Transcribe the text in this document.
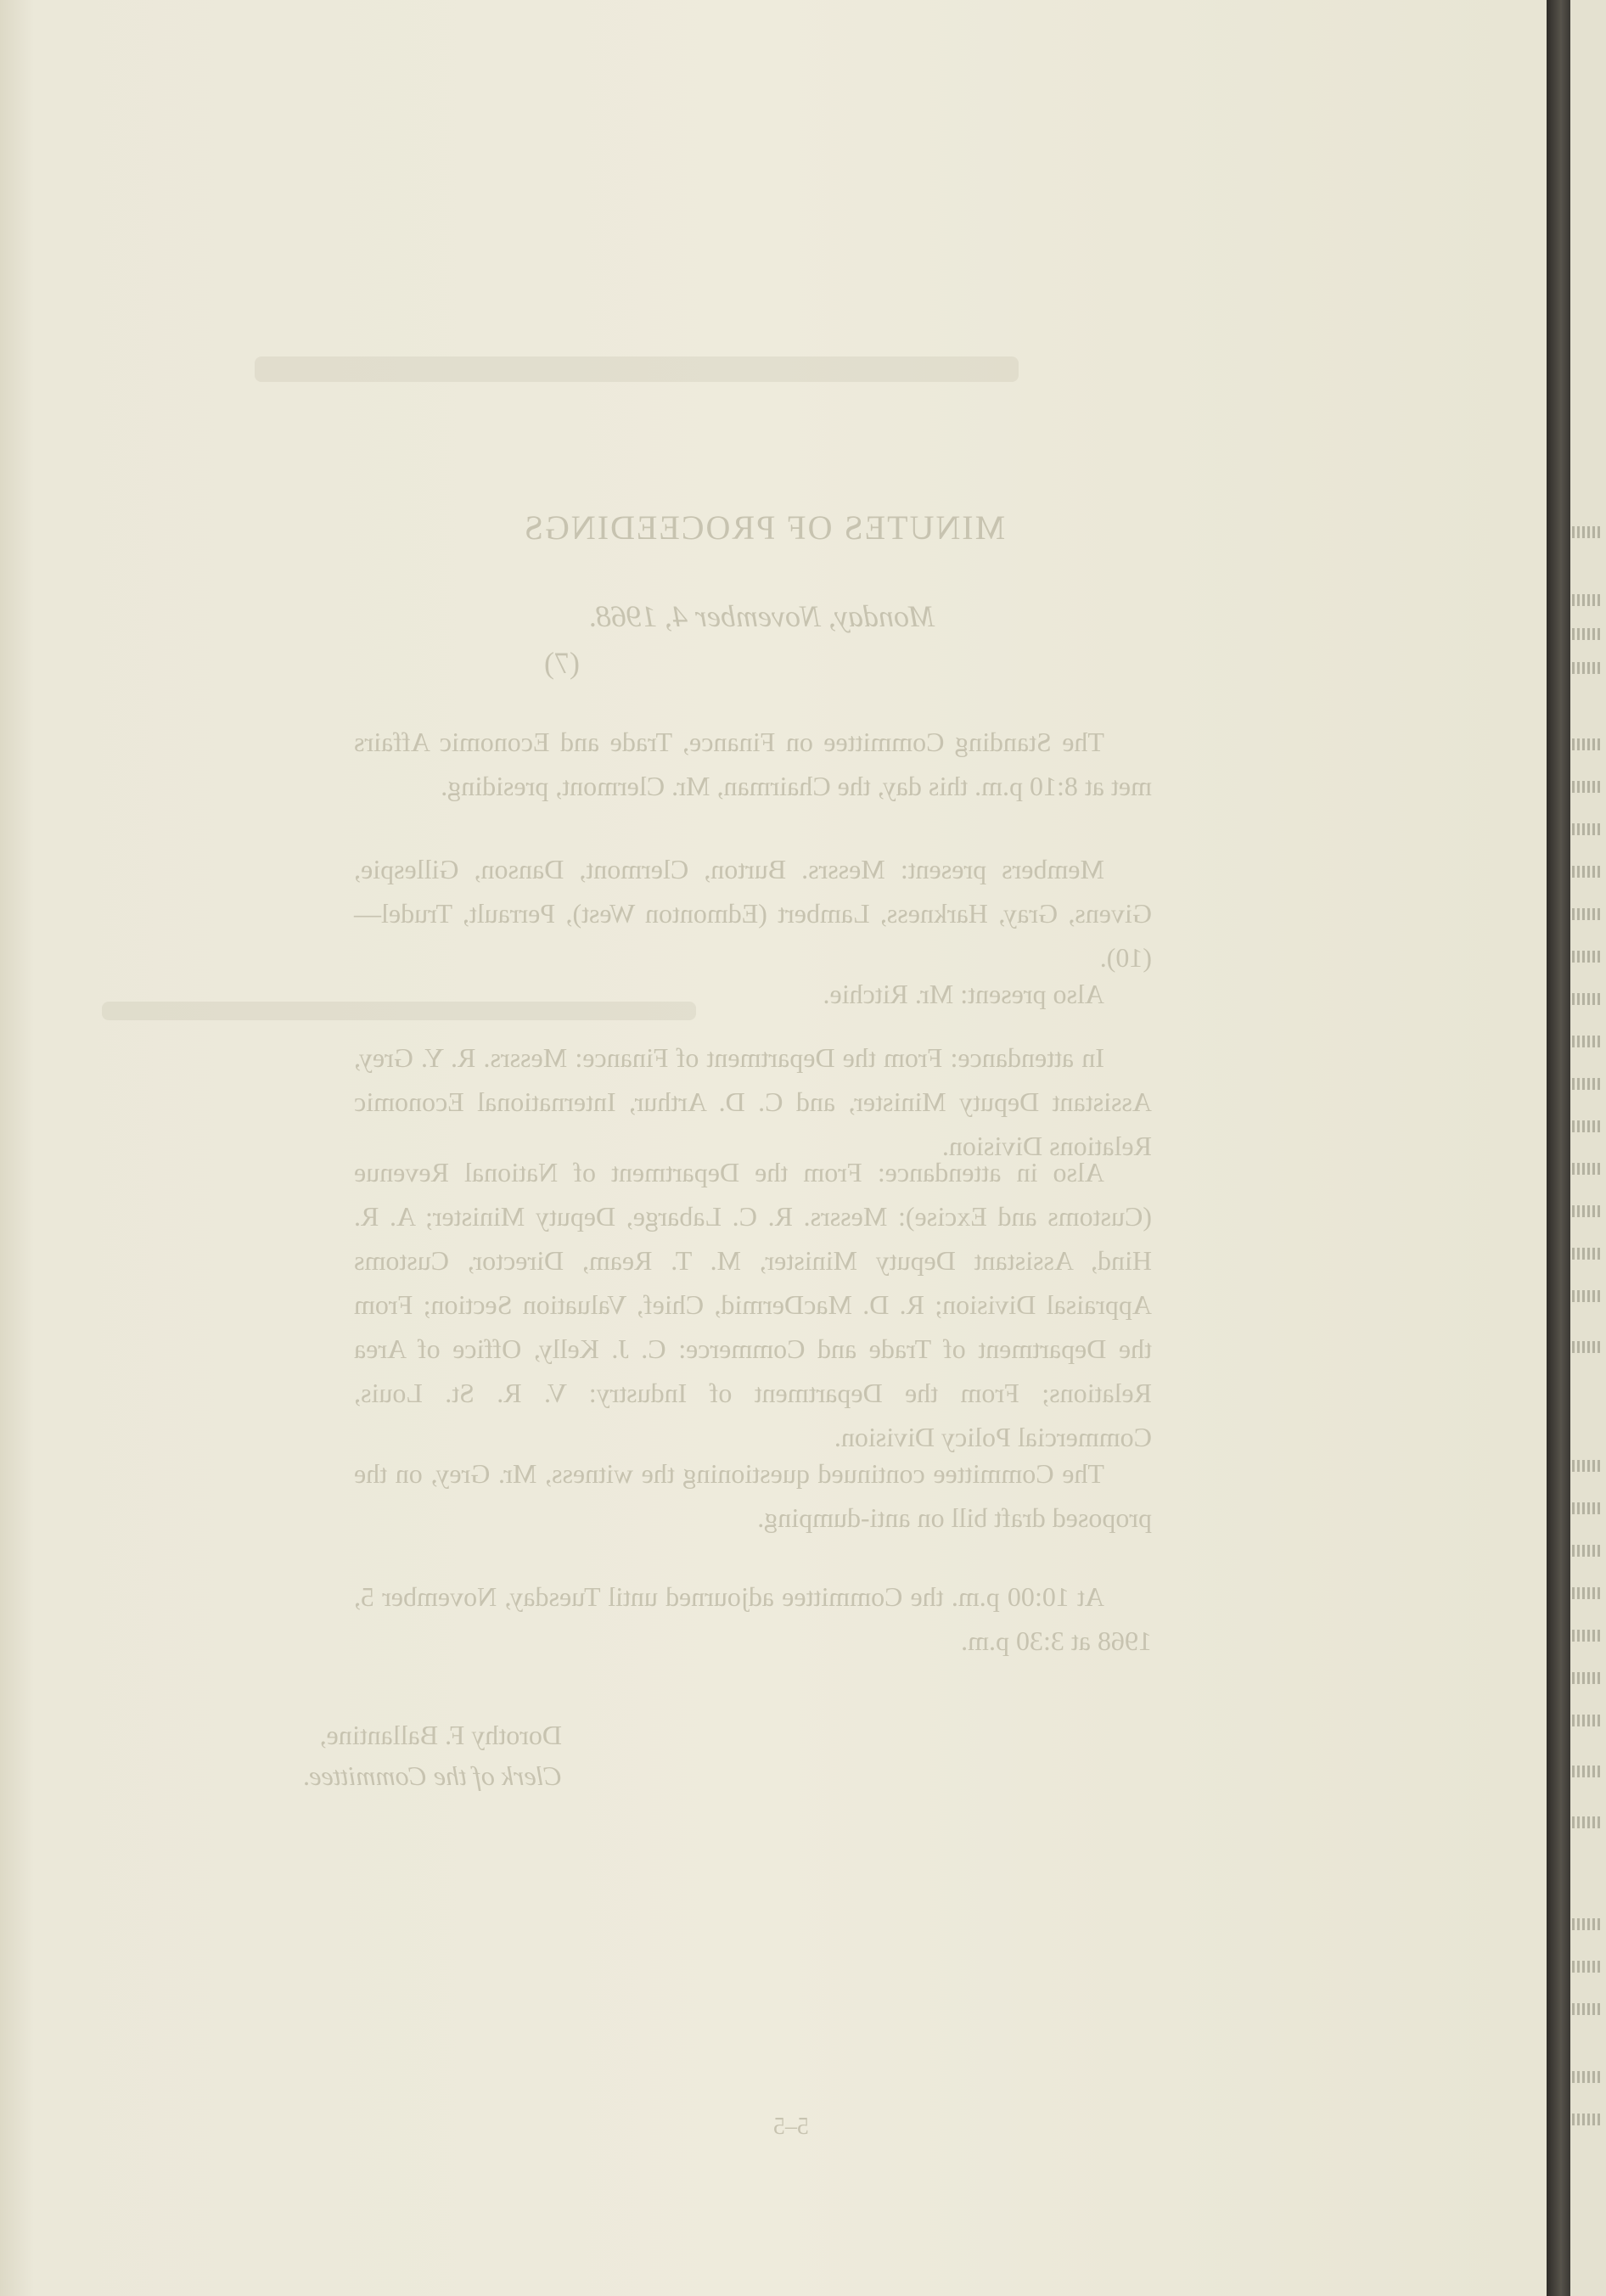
MINUTES OF PROCEEDINGS
Monday, November 4, 1968.
(7)
The Standing Committee on Finance, Trade and Economic Affairs met at 8:10 p.m. this day, the Chairman, Mr. Clermont, presiding.
Members present: Messrs. Burton, Clermont, Danson, Gillespie, Givens, Gray, Harkness, Lambert (Edmonton West), Perrault, Trudel—(10).
Also present: Mr. Ritchie.
In attendance: From the Department of Finance: Messrs. R. Y. Grey, Assistant Deputy Minister, and C. D. Arthur, International Economic Relations Division.
Also in attendance: From the Department of National Revenue (Customs and Excise): Messrs. R. C. Labarge, Deputy Minister; A. R. Hind, Assistant Deputy Minister, M. T. Ream, Director, Customs Appraisal Division; R. D. MacDermid, Chief, Valuation Section; From the Department of Trade and Commerce: C. J. Kelly, Office of Area Relations; From the Department of Industry: V. R. St. Louis, Commercial Policy Division.
The Committee continued questioning the witness, Mr. Grey, on the proposed draft bill on anti-dumping.
At 10:00 p.m. the Committee adjourned until Tuesday, November 5, 1968 at 3:30 p.m.
Dorothy F. Ballantine,
Clerk of the Committee.
5–5
